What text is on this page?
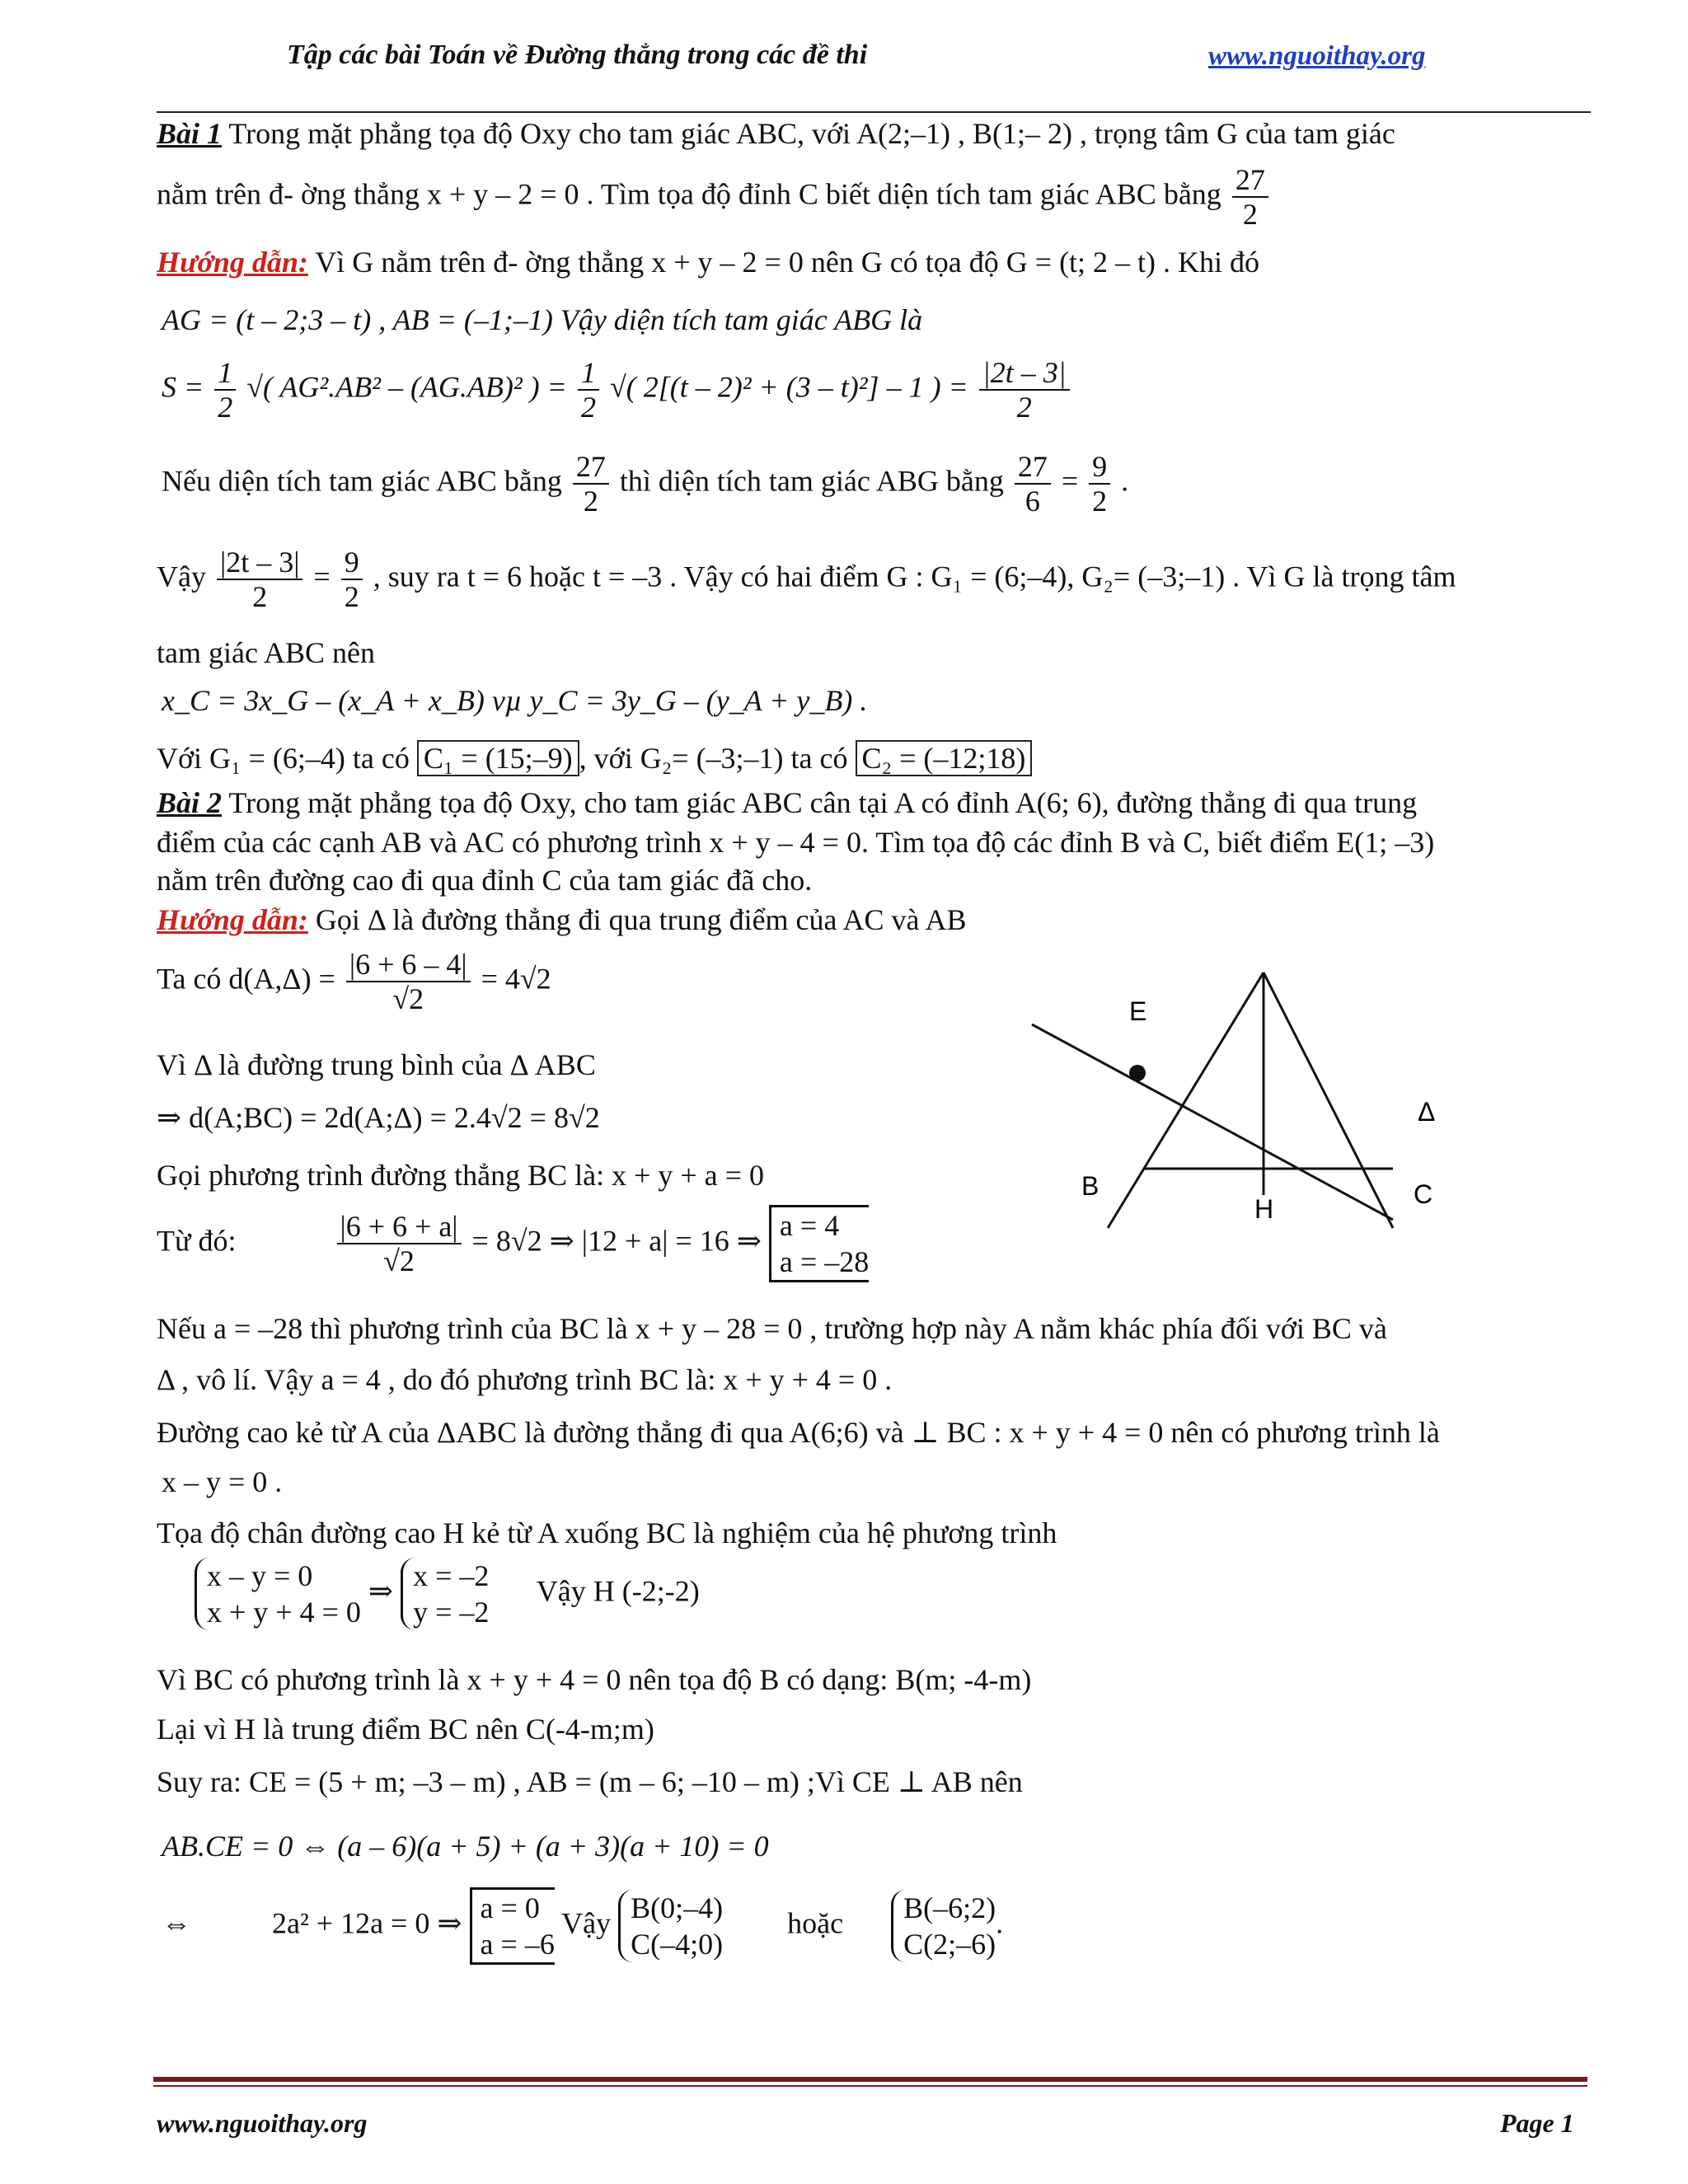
Tập các bài Toán về Đường thẳng trong các đề thi	www.nguoithay.org
Bài 1 Trong mặt phẳng tọa độ Oxy cho tam giác ABC, với A(2;–1) , B(1;– 2) , trọng tâm G của tam giác
nằm trên đ- ờng thẳng x + y – 2 = 0 . Tìm tọa độ đỉnh C biết diện tích tam giác ABC bằng $\frac{27}{2}$
Hướng dẫn: Vì G nằm trên đ- ờng thẳng x + y – 2 = 0 nên G có tọa độ G = (t; 2 – t) . Khi đó
AG = (t – 2;3 – t) , AB = (–1;–1) Vậy diện tích tam giác ABG là
$S = \frac{1}{2}$ √( AG².AB² – (AG.AB)² ) = $\frac{1}{2}$ √( 2[(t – 2)² + (3 – t)²] – 1 ) = $\frac{|2t - 3|}{2}$
Nếu diện tích tam giác ABC bằng $\frac{27}{2}$ thì diện tích tam giác ABG bằng $\frac{27}{6} = \frac{9}{2}$ .
Vậy $\frac{|2t - 3|}{2} = \frac{9}{2}$ , suy ra t = 6 hoặc t = –3 . Vậy có hai điểm G : G₁ = (6;–4), G₂= (–3;–1) . Vì G là trọng tâm
tam giác ABC nên
x_C = 3x_G – (x_A + x_B) vµ y_C = 3y_G – (y_A + y_B) .
Với G₁ = (6;–4) ta có C₁ = (15;–9) , với G₂= (–3;–1) ta có C₂ = (–12;18)
Bài 2 Trong mặt phẳng tọa độ Oxy, cho tam giác ABC cân tại A có đỉnh A(6; 6), đường thẳng đi qua trung
điểm của các cạnh AB và AC có phương trình x + y – 4 = 0. Tìm tọa độ các đỉnh B và C, biết điểm E(1; –3)
nằm trên đường cao đi qua đỉnh C của tam giác đã cho.
Hướng dẫn: Gọi Δ là đường thẳng đi qua trung điểm của AC và AB
Ta có $d(A,\Delta) = \frac{|6 + 6 - 4|}{√2} = 4√2$
Vì Δ là đường trung bình của Δ ABC
⇒ d(A;BC) = 2d(A;Δ) = 2.4√2 = 8√2
Gọi phương trình đường thẳng BC là: x + y + a = 0
Từ đó:	$\frac{|6 + 6 + a|}{√2} = 8√2$ ⇒ |12 + a| = 16 ⇒ a = 4
a = –28
Nếu a = –28 thì phương trình của BC là x + y – 28 = 0 , trường hợp này A nằm khác phía đối với BC và
Δ , vô lí. Vậy a = 4 , do đó phương trình BC là: x + y + 4 = 0 .
Đường cao kẻ từ A của ΔABC là đường thẳng đi qua A(6;6) và ⊥ BC : x + y + 4 = 0 nên có phương trình là
x – y = 0 .
Tọa độ chân đường cao H kẻ từ A xuống BC là nghiệm của hệ phương trình
x – y = 0
x + y + 4 = 0
⇒ x = –2
y = –2
Vậy H (-2;-2)
Vì BC có phương trình là x + y + 4 = 0 nên tọa độ B có dạng: B(m; -4-m)
Lại vì H là trung điểm BC nên C(-4-m;m)
Suy ra: CE = (5 + m; –3 – m) , AB = (m – 6; –10 – m) ;Vì CE ⊥ AB nên
AB.CE = 0 ⇔ (a – 6)(a + 5) + (a + 3)(a + 10) = 0
⇔	2a² + 12a = 0 ⇒ a = 0
a = –6
Vậy B(0;–4)
C(–4;0)
hoặc B(–6;2)
C(2;–6)
.
E
Δ
B	C
H
www.nguoithay.org	Page 1
